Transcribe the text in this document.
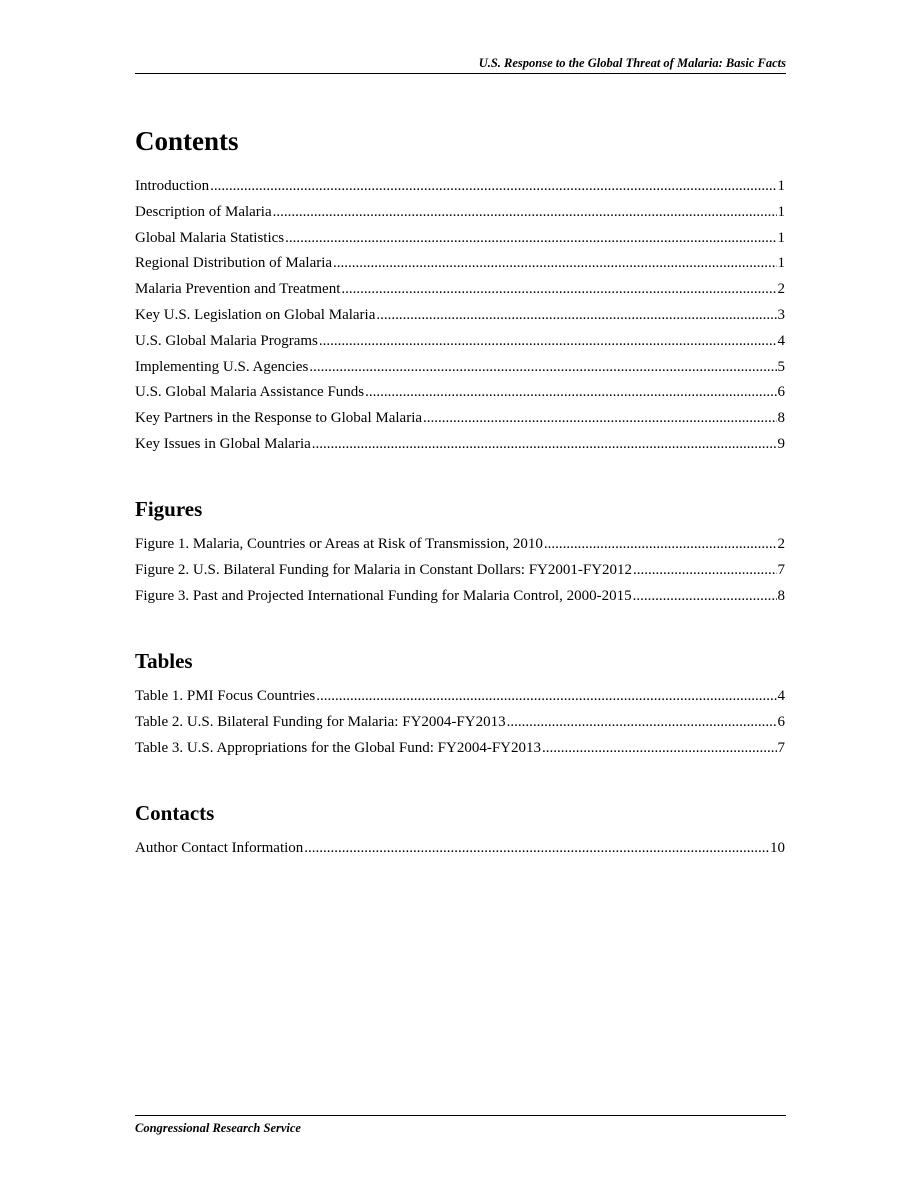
U.S. Response to the Global Threat of Malaria: Basic Facts
Contents
Introduction .....	1
Description of Malaria .....	1
Global Malaria Statistics .....	1
Regional Distribution of Malaria .....	1
Malaria Prevention and Treatment .....	2
Key U.S. Legislation on Global Malaria .....	3
U.S. Global Malaria Programs .....	4
Implementing U.S. Agencies .....	5
U.S. Global Malaria Assistance Funds .....	6
Key Partners in the Response to Global Malaria .....	8
Key Issues in Global Malaria .....	9
Figures
Figure 1. Malaria, Countries or Areas at Risk of Transmission, 2010 .....	2
Figure 2. U.S. Bilateral Funding for Malaria in Constant Dollars: FY2001-FY2012 .....	7
Figure 3. Past and Projected International Funding for Malaria Control, 2000-2015 .....	8
Tables
Table 1. PMI Focus Countries .....	4
Table 2. U.S. Bilateral Funding for Malaria: FY2004-FY2013 .....	6
Table 3. U.S. Appropriations for the Global Fund: FY2004-FY2013 .....	7
Contacts
Author Contact Information .....	10
Congressional Research Service
